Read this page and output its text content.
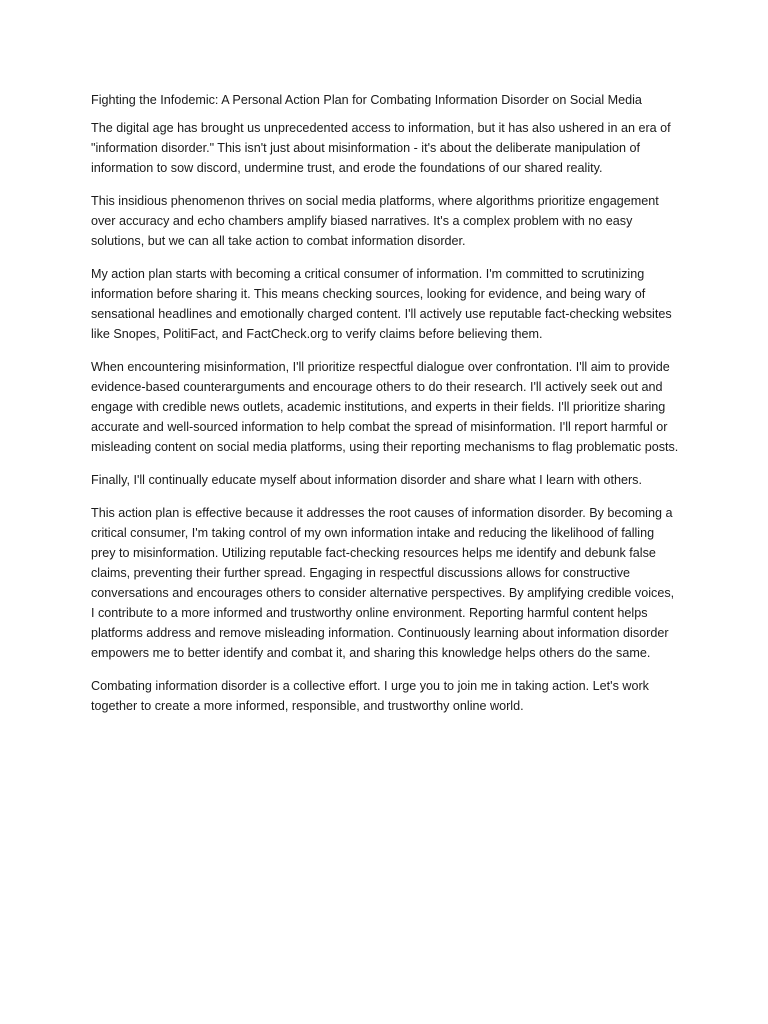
Fighting the Infodemic: A Personal Action Plan for Combating Information Disorder on Social Media

The digital age has brought us unprecedented access to information, but it has also ushered in an era of "information disorder." This isn't just about misinformation - it's about the deliberate manipulation of information to sow discord, undermine trust, and erode the foundations of our shared reality.

This insidious phenomenon thrives on social media platforms, where algorithms prioritize engagement over accuracy and echo chambers amplify biased narratives. It's a complex problem with no easy solutions, but we can all take action to combat information disorder.

My action plan starts with becoming a critical consumer of information. I'm committed to scrutinizing information before sharing it. This means checking sources, looking for evidence, and being wary of sensational headlines and emotionally charged content. I'll actively use reputable fact-checking websites like Snopes, PolitiFact, and FactCheck.org to verify claims before believing them.

When encountering misinformation, I'll prioritize respectful dialogue over confrontation. I'll aim to provide evidence-based counterarguments and encourage others to do their research. I'll actively seek out and engage with credible news outlets, academic institutions, and experts in their fields. I'll prioritize sharing accurate and well-sourced information to help combat the spread of misinformation. I'll report harmful or misleading content on social media platforms, using their reporting mechanisms to flag problematic posts.

Finally, I'll continually educate myself about information disorder and share what I learn with others.

This action plan is effective because it addresses the root causes of information disorder. By becoming a critical consumer, I'm taking control of my own information intake and reducing the likelihood of falling prey to misinformation. Utilizing reputable fact-checking resources helps me identify and debunk false claims, preventing their further spread. Engaging in respectful discussions allows for constructive conversations and encourages others to consider alternative perspectives. By amplifying credible voices, I contribute to a more informed and trustworthy online environment. Reporting harmful content helps platforms address and remove misleading information. Continuously learning about information disorder empowers me to better identify and combat it, and sharing this knowledge helps others do the same.

Combating information disorder is a collective effort. I urge you to join me in taking action. Let's work together to create a more informed, responsible, and trustworthy online world.
